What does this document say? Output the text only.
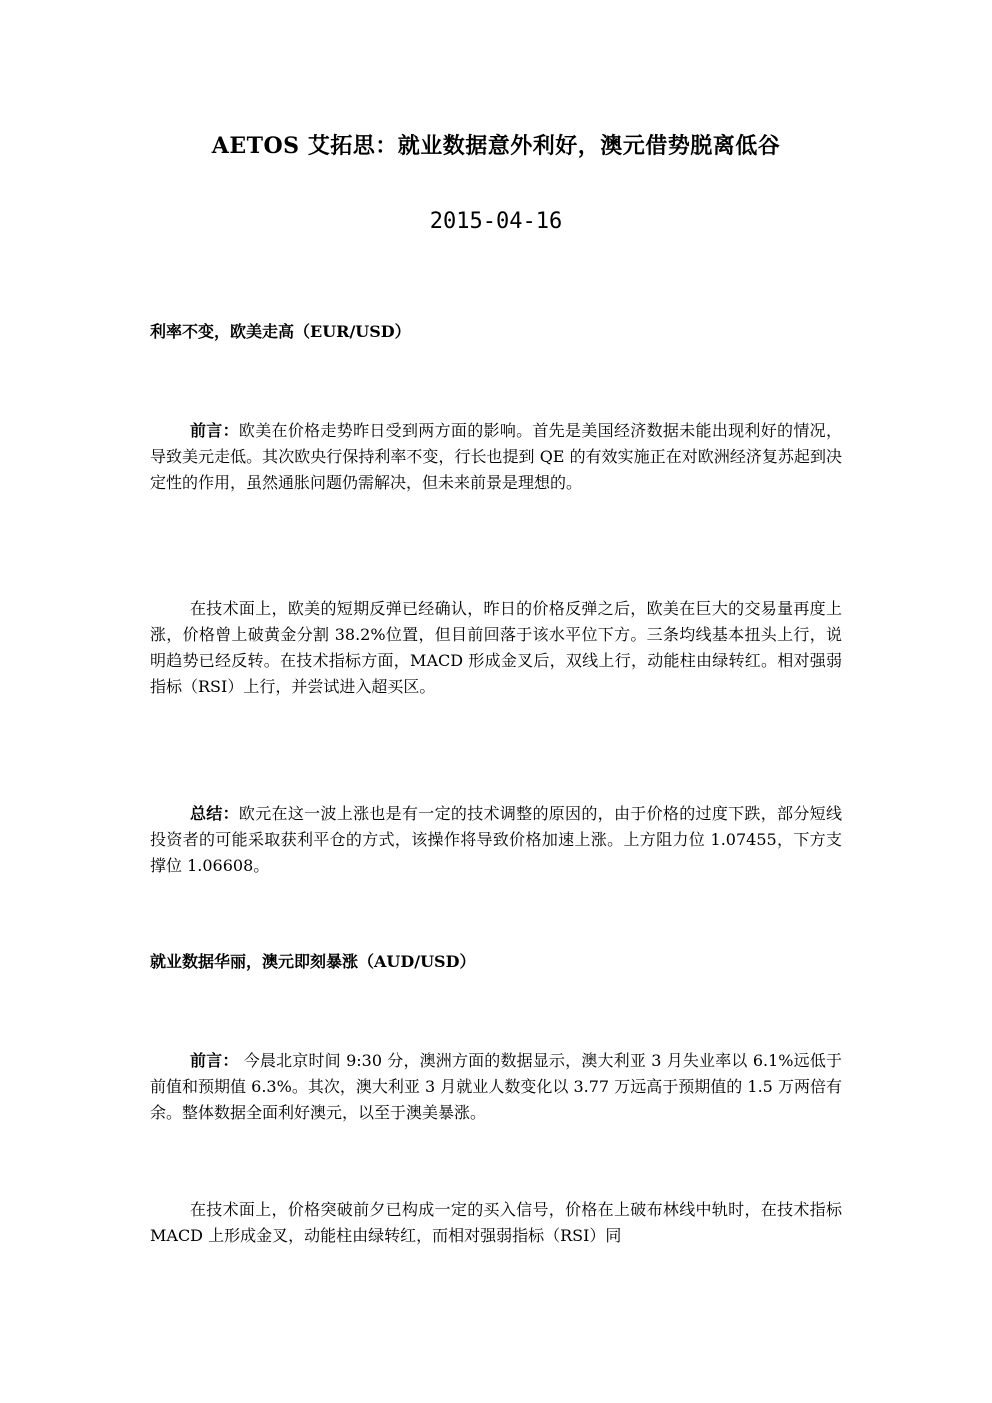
AETOS 艾拓思：就业数据意外利好，澳元借势脱离低谷
2015-04-16
利率不变，欧美走高（EUR/USD）

前言：欧美在价格走势昨日受到两方面的影响。首先是美国经济数据未能出现利好的情况，导致美元走低。其次欧央行保持利率不变，行长也提到 QE 的有效实施正在对欧洲经济复苏起到决定性的作用，虽然通胀问题仍需解决，但未来前景是理想的。

在技术面上，欧美的短期反弹已经确认，昨日的价格反弹之后，欧美在巨大的交易量再度上涨，价格曾上破黄金分割 38.2%位置，但目前回落于该水平位下方。三条均线基本扭头上行，说明趋势已经反转。在技术指标方面，MACD 形成金叉后，双线上行，动能柱由绿转红。相对强弱指标（RSI）上行，并尝试进入超买区。

总结：欧元在这一波上涨也是有一定的技术调整的原因的，由于价格的过度下跌，部分短线投资者的可能采取获利平仓的方式，该操作将导致价格加速上涨。上方阻力位 1.07455，下方支撑位 1.06608。

就业数据华丽，澳元即刻暴涨（AUD/USD）

前言： 今晨北京时间 9:30 分，澳洲方面的数据显示，澳大利亚 3 月失业率以 6.1%远低于前值和预期值 6.3%。其次，澳大利亚 3 月就业人数变化以 3.77 万远高于预期值的 1.5 万两倍有余。整体数据全面利好澳元，以至于澳美暴涨。

在技术面上，价格突破前夕已构成一定的买入信号，价格在上破布林线中轨时，在技术指标 MACD 上形成金叉，动能柱由绿转红，而相对强弱指标（RSI）同
